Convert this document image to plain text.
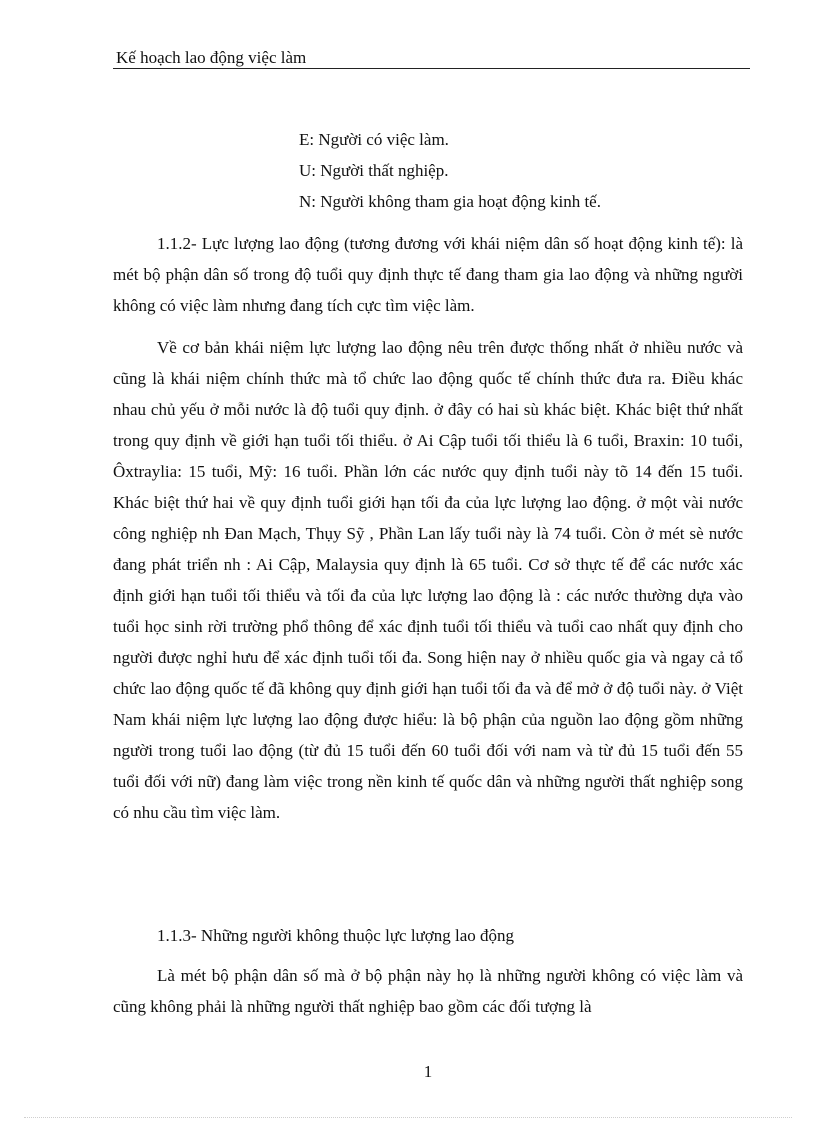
Kế hoạch lao động việc làm
E: Người có việc làm.
U: Người thất nghiệp.
N: Người không tham gia hoạt động kinh tế.

1.1.2- Lực lượng lao động (tương đương với khái niệm dân số hoạt động kinh tế): là mét bộ phận dân số trong độ tuổi quy định thực tế đang tham gia lao động và những người không có việc làm nhưng đang tích cực tìm việc làm.

Về cơ bản khái niệm lực lượng lao động nêu trên được thống nhất ở nhiều nước và cũng là khái niệm chính thức mà tổ chức lao động quốc tế chính thức đưa ra. Điều khác nhau chủ yếu ở mỗi nước là độ tuổi quy định. ở đây có hai sù khác biệt. Khác biệt thứ nhất trong quy định về giới hạn tuổi tối thiểu. ở Ai Cập tuổi tối thiểu là 6 tuổi, Braxin: 10 tuổi, Ôxtraylia: 15 tuổi, Mỹ: 16 tuổi. Phần lớn các nước quy định tuổi này tõ 14 đến 15 tuổi. Khác biệt thứ hai về quy định tuổi giới hạn tối đa của lực lượng lao động. ở một vài nước công nghiệp nh Đan Mạch, Thụy Sỹ , Phần Lan lấy tuổi này là 74 tuổi. Còn ở mét sè nước đang phát triển nh : Ai Cập, Malaysia quy định là 65 tuổi. Cơ sở thực tế để các nước xác định giới hạn tuổi tối thiểu và tối đa của lực lượng lao động là : các nước thường dựa vào tuổi học sinh rời trường phổ thông để xác định tuổi tối thiểu và tuổi cao nhất quy định cho người được nghỉ hưu để xác định tuổi tối đa. Song hiện nay ở nhiều quốc gia và ngay cả tổ chức lao động quốc tế đã không quy định giới hạn tuổi tối đa và để mở ở độ tuổi này. ở Việt Nam khái niệm lực lượng lao động được hiểu: là bộ phận của nguồn lao động gồm những người trong tuổi lao động (từ đủ 15 tuổi đến 60 tuổi đối với nam và từ đủ 15 tuổi đến 55 tuổi đối với nữ) đang làm việc trong nền kinh tế quốc dân và những người thất nghiệp song có nhu cầu tìm việc làm.

1.1.3- Những người không thuộc lực lượng lao động

Là mét bộ phận dân số mà ở bộ phận này họ là những người không có việc làm và cũng không phải là những người thất nghiệp bao gồm các đối tượng là

1
